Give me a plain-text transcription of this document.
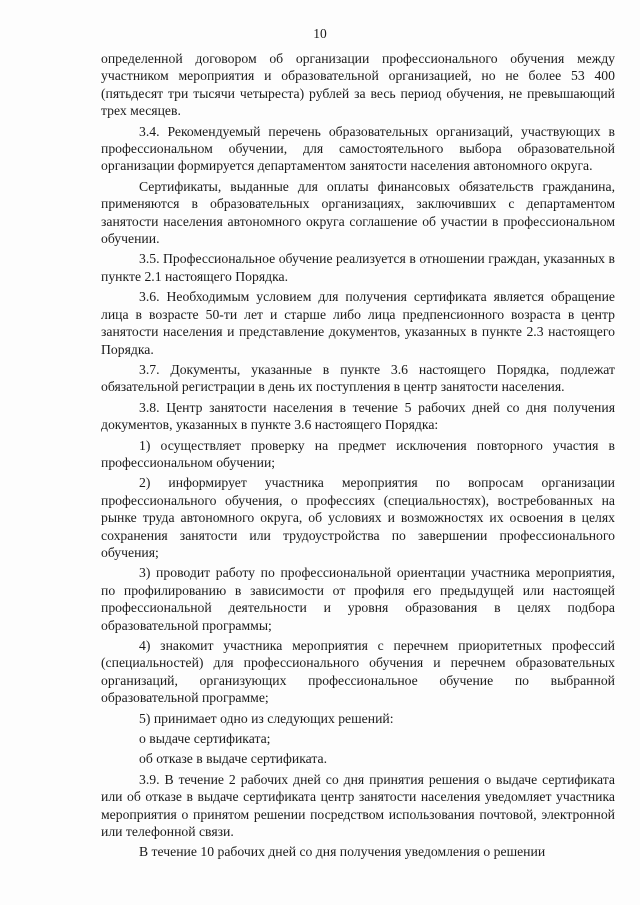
10

определенной договором об организации профессионального обучения между участником мероприятия и образовательной организацией, но не более 53 400 (пятьдесят три тысячи четыреста) рублей за весь период обучения, не превышающий трех месяцев.

3.4. Рекомендуемый перечень образовательных организаций, участвующих в профессиональном обучении, для самостоятельного выбора образовательной организации формируется департаментом занятости населения автономного округа.

Сертификаты, выданные для оплаты финансовых обязательств гражданина, применяются в образовательных организациях, заключивших с департаментом занятости населения автономного округа соглашение об участии в профессиональном обучении.

3.5. Профессиональное обучение реализуется в отношении граждан, указанных в пункте 2.1 настоящего Порядка.

3.6. Необходимым условием для получения сертификата является обращение лица в возрасте 50-ти лет и старше либо лица предпенсионного возраста в центр занятости населения и представление документов, указанных в пункте 2.3 настоящего Порядка.

3.7. Документы, указанные в пункте 3.6 настоящего Порядка, подлежат обязательной регистрации в день их поступления в центр занятости населения.

3.8. Центр занятости населения в течение 5 рабочих дней со дня получения документов, указанных в пункте 3.6 настоящего Порядка:

1) осуществляет проверку на предмет исключения повторного участия в профессиональном обучении;

2) информирует участника мероприятия по вопросам организации профессионального обучения, о профессиях (специальностях), востребованных на рынке труда автономного округа, об условиях и возможностях их освоения в целях сохранения занятости или трудоустройства по завершении профессионального обучения;

3) проводит работу по профессиональной ориентации участника мероприятия, по профилированию в зависимости от профиля его предыдущей или настоящей профессиональной деятельности и уровня образования в целях подбора образовательной программы;

4) знакомит участника мероприятия с перечнем приоритетных профессий (специальностей) для профессионального обучения и перечнем образовательных организаций, организующих профессиональное обучение по выбранной образовательной программе;

5) принимает одно из следующих решений:

о выдаче сертификата;

об отказе в выдаче сертификата.

3.9. В течение 2 рабочих дней со дня принятия решения о выдаче сертификата или об отказе в выдаче сертификата центр занятости населения уведомляет участника мероприятия о принятом решении посредством использования почтовой, электронной или телефонной связи.

В течение 10 рабочих дней со дня получения уведомления о решении
